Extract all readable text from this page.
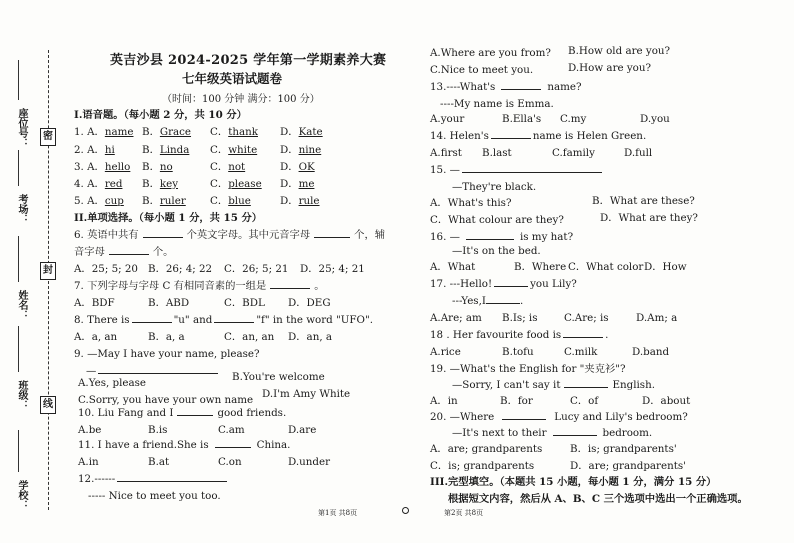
密
封
线
座位号：
考场：
姓名：
班级：
学校：
英吉沙县 2024-2025 学年第一学期素养大赛
七年级英语试题卷
（时间：100 分钟 满分：100 分）
I.语音题。（每小题 2 分，共 10 分）
1. A．name B．Grace C．thank D．Kate
2. A．hi	B．Linda C．white D．nine
3. A．hello B．no	C．not	D．OK
4. A．red B．key	C．please D．me
5. A．cup B．ruler C．blue	D．rule
II.单项选择。（每小题 1 分，共 15 分）
6. 英语中共有	个英文字母。其中元音字母	个，辅
音字母	个。
A．25; 5; 20 B．26; 4; 22 C．26; 5; 21 D．25; 4; 21
7. 下列字母与字母 C 有相同音素的一组是	。
A．BDF	B．ABD	C．BDL D．DEG
8. There is	"u" and	"f" in the word "UFO".
A．a, an	B．a, a	C．an, an D．an, a
9. —May I have your name, please?
—
A.Yes, please	B.You're welcome
C.Sorry, you have your own name D.I'm Amy White
10. Liu Fang and I	good friends.
A.be	B.is	C.am	D.are
11. I have a friend.She is	China.
A.in	B.at	C.on	D.under
12.------
----- Nice to meet you too.
A.Where are you from? B.How old are you?
C.Nice to meet you.	D.How are you?
13.----What's	name?
----My name is Emma.
A.your	B.Ella's C.my	D.you
14. Helen's	name is Helen Green.
A.first B.last	C.family	D.full
15. —
—They're black.
A．What's this?	B．What are these?
C．What colour are they?	D．What are they?
16. —	is my hat?
—It's on the bed.
A．What	B．Where C．What color D．How
17. ---Hello!	you Lily?
---Yes,I	.
A.Are; am B.Is; is	C.Are; is	D.Am; a
18 . Her favourite food is	.
A.rice	B.tofu	C.milk	D.band
19. —What's the English for "夹克衫"?
—Sorry, I can't say it	English.
A．in	B．for	C．of	D．about
20. —Where	Lucy and Lily's bedroom?
—It's next to their	bedroom.
A．are; grandparents	B．is; grandparents'
C．is; grandparents	D．are; grandparents'
III.完型填空。（本题共 15 小题，每小题 1 分，满分 15 分）
根据短文内容，然后从 A、B、C 三个选项中选出一个正确选项。
第1页 共8页	第2页 共8页
